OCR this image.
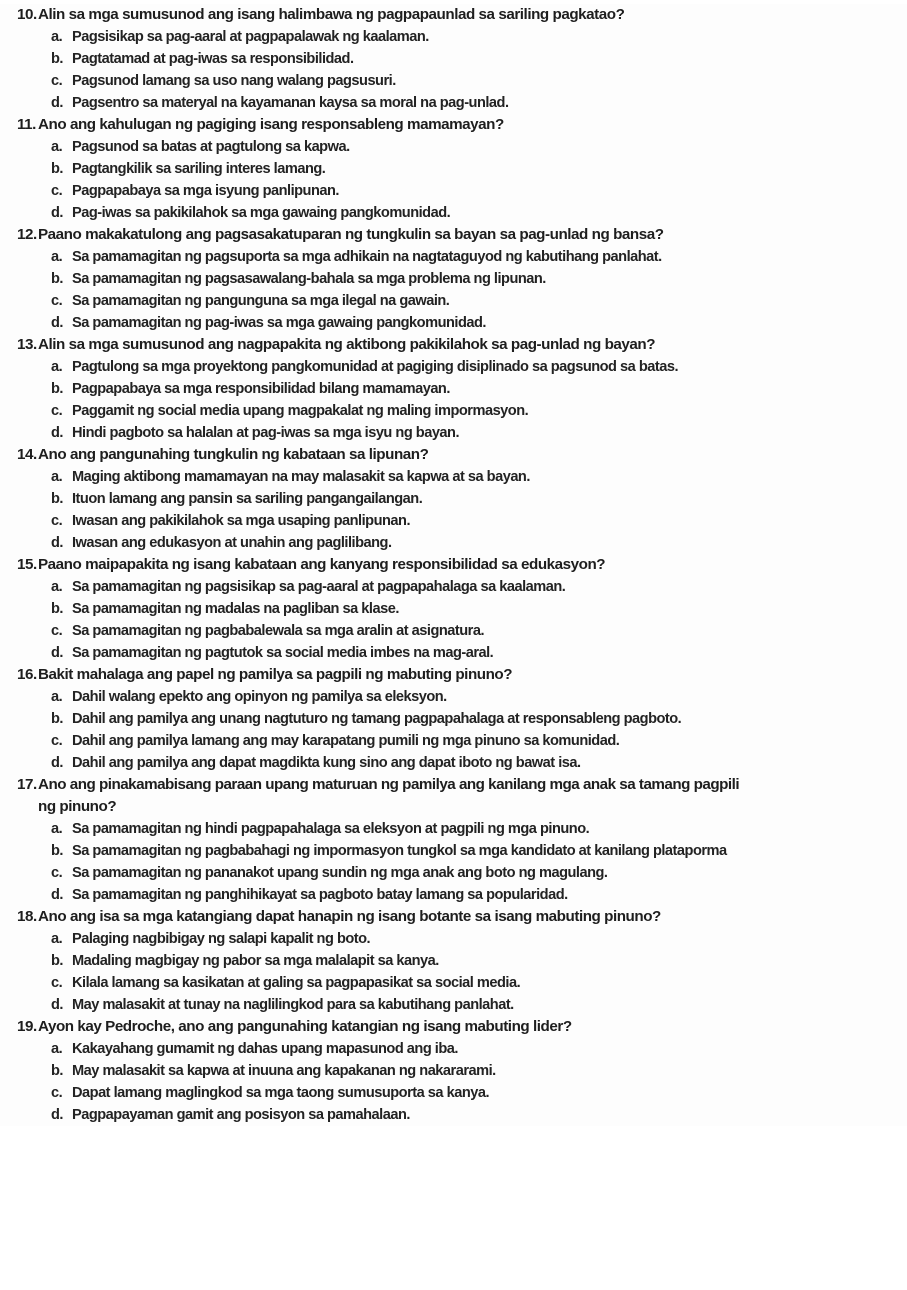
10. Alin sa mga sumusunod ang isang halimbawa ng pagpapaunlad sa sariling pagkatao?
a. Pagsisikap sa pag-aaral at pagpapalawak ng kaalaman.
b. Pagtatamad at pag-iwas sa responsibilidad.
c. Pagsunod lamang sa uso nang walang pagsusuri.
d. Pagsentro sa materyal na kayamanan kaysa sa moral na pag-unlad.
11. Ano ang kahulugan ng pagiging isang responsableng mamamayan?
a. Pagsunod sa batas at pagtulong sa kapwa.
b. Pagtangkilik sa sariling interes lamang.
c. Pagpapabaya sa mga isyung panlipunan.
d. Pag-iwas sa pakikilahok sa mga gawaing pangkomunidad.
12. Paano makakatulong ang pagsasakatuparan ng tungkulin sa bayan sa pag-unlad ng bansa?
a. Sa pamamagitan ng pagsuporta sa mga adhikain na nagtataguyod ng kabutihang panlahat.
b. Sa pamamagitan ng pagsasawalang-bahala sa mga problema ng lipunan.
c. Sa pamamagitan ng pangunguna sa mga ilegal na gawain.
d. Sa pamamagitan ng pag-iwas sa mga gawaing pangkomunidad.
13. Alin sa mga sumusunod ang nagpapakita ng aktibong pakikilahok sa pag-unlad ng bayan?
a. Pagtulong sa mga proyektong pangkomunidad at pagiging disiplinado sa pagsunod sa batas.
b. Pagpapabaya sa mga responsibilidad bilang mamamayan.
c. Paggamit ng social media upang magpakalat ng maling impormasyon.
d. Hindi pagboto sa halalan at pag-iwas sa mga isyu ng bayan.
14. Ano ang pangunahing tungkulin ng kabataan sa lipunan?
a. Maging aktibong mamamayan na may malasakit sa kapwa at sa bayan.
b. Ituon lamang ang pansin sa sariling pangangailangan.
c. Iwasan ang pakikilahok sa mga usaping panlipunan.
d. Iwasan ang edukasyon at unahin ang paglilibang.
15. Paano maipapakita ng isang kabataan ang kanyang responsibilidad sa edukasyon?
a. Sa pamamagitan ng pagsisikap sa pag-aaral at pagpapahalaga sa kaalaman.
b. Sa pamamagitan ng madalas na pagliban sa klase.
c. Sa pamamagitan ng pagbabalewala sa mga aralin at asignatura.
d. Sa pamamagitan ng pagtutok sa social media imbes na mag-aral.
16. Bakit mahalaga ang papel ng pamilya sa pagpili ng mabuting pinuno?
a. Dahil walang epekto ang opinyon ng pamilya sa eleksyon.
b. Dahil ang pamilya ang unang nagtuturo ng tamang pagpapahalaga at responsableng pagboto.
c. Dahil ang pamilya lamang ang may karapatang pumili ng mga pinuno sa komunidad.
d. Dahil ang pamilya ang dapat magdikta kung sino ang dapat iboto ng bawat isa.
17. Ano ang pinakamabisang paraan upang maturuan ng pamilya ang kanilang mga anak sa tamang pagpili
ng pinuno?
a. Sa pamamagitan ng hindi pagpapahalaga sa eleksyon at pagpili ng mga pinuno.
b. Sa pamamagitan ng pagbabahagi ng impormasyon tungkol sa mga kandidato at kanilang plataporma
c. Sa pamamagitan ng pananakot upang sundin ng mga anak ang boto ng magulang.
d. Sa pamamagitan ng panghihikayat sa pagboto batay lamang sa popularidad.
18. Ano ang isa sa mga katangiang dapat hanapin ng isang botante sa isang mabuting pinuno?
a. Palaging nagbibigay ng salapi kapalit ng boto.
b. Madaling magbigay ng pabor sa mga malalapit sa kanya.
c. Kilala lamang sa kasikatan at galing sa pagpapasikat sa social media.
d. May malasakit at tunay na naglilingkod para sa kabutihang panlahat.
19. Ayon kay Pedroche, ano ang pangunahing katangian ng isang mabuting lider?
a. Kakayahang gumamit ng dahas upang mapasunod ang iba.
b. May malasakit sa kapwa at inuuna ang kapakanan ng nakararami.
c. Dapat lamang maglingkod sa mga taong sumusuporta sa kanya.
d. Pagpapayaman gamit ang posisyon sa pamahalaan.
